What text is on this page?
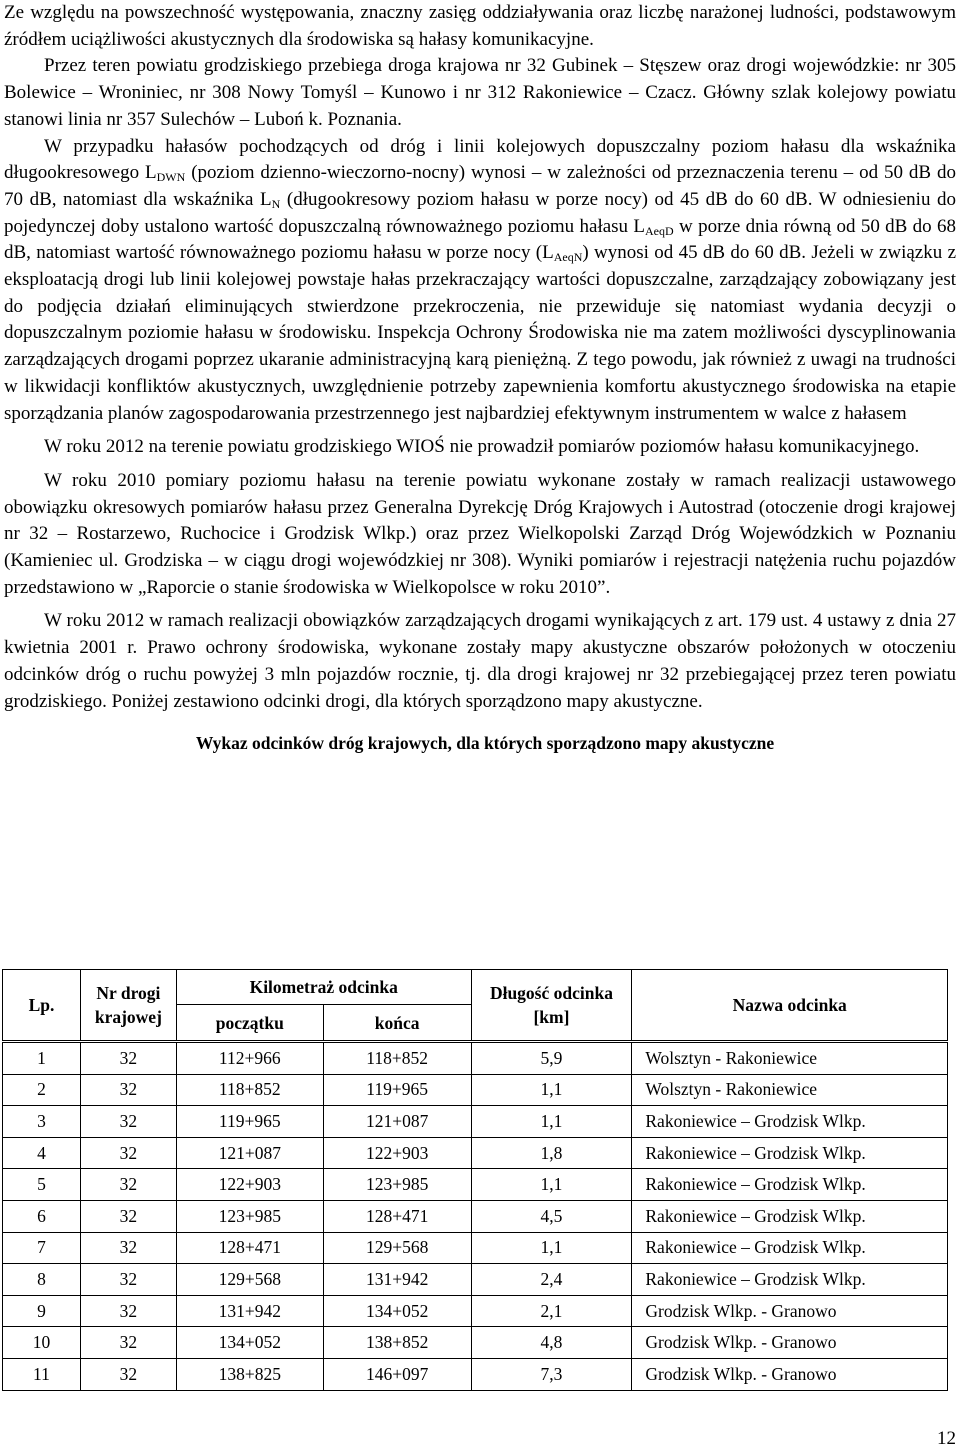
Ze względu na powszechność występowania, znaczny zasięg oddziaływania oraz liczbę narażonej ludności, podstawowym źródłem uciążliwości akustycznych dla środowiska są hałasy komunikacyjne.

Przez teren powiatu grodziskiego przebiega droga krajowa nr 32 Gubinek – Stęszew oraz drogi wojewódzkie: nr 305 Bolewice – Wroniniec, nr 308 Nowy Tomyśl – Kunowo i nr 312 Rakoniewice – Czacz. Główny szlak kolejowy powiatu stanowi linia nr 357 Sulechów – Luboń k. Poznania.

W przypadku hałasów pochodzących od dróg i linii kolejowych dopuszczalny poziom hałasu dla wskaźnika długookresowego $L_{DWN}$ (poziom dzienno-wieczorno-nocny) wynosi – w zależności od przeznaczenia terenu – od 50 dB do 70 dB, natomiast dla wskaźnika $L_N$ (długookresowy poziom hałasu w porze nocy) od 45 dB do 60 dB. W odniesieniu do pojedynczej doby ustalono wartość dopuszczalną równoważnego poziomu hałasu $L_{AeqD}$ w porze dnia równą od 50 dB do 68 dB, natomiast wartość równoważnego poziomu hałasu w porze nocy $(L_{AeqN})$ wynosi od 45 dB do 60 dB. Jeżeli w związku z eksploatacją drogi lub linii kolejowej powstaje hałas przekraczający wartości dopuszczalne, zarządzający zobowiązany jest do podjęcia działań eliminujących stwierdzone przekroczenia, nie przewiduje się natomiast wydania decyzji o dopuszczalnym poziomie hałasu w środowisku. Inspekcja Ochrony Środowiska nie ma zatem możliwości dyscyplinowania zarządzających drogami poprzez ukaranie administracyjną karą pieniężną. Z tego powodu, jak również z uwagi na trudności w likwidacji konfliktów akustycznych, uwzględnienie potrzeby zapewnienia komfortu akustycznego środowiska na etapie sporządzania planów zagospodarowania przestrzennego jest najbardziej efektywnym instrumentem w walce z hałasem

W roku 2012 na terenie powiatu grodziskiego WIOŚ nie prowadził pomiarów poziomów hałasu komunikacyjnego.

W roku 2010 pomiary poziomu hałasu na terenie powiatu wykonane zostały w ramach realizacji ustawowego obowiązku okresowych pomiarów hałasu przez Generalna Dyrekcję Dróg Krajowych i Autostrad (otoczenie drogi krajowej nr 32 – Rostarzewo, Ruchocice i Grodzisk Wlkp.) oraz przez Wielkopolski Zarząd Dróg Wojewódzkich w Poznaniu (Kamieniec ul. Grodziska – w ciągu drogi wojewódzkiej nr 308). Wyniki pomiarów i rejestracji natężenia ruchu pojazdów przedstawiono w „Raporcie o stanie środowiska w Wielkopolsce w roku 2010”.

W roku 2012 w ramach realizacji obowiązków zarządzających drogami wynikających z art. 179 ust. 4 ustawy z dnia 27 kwietnia 2001 r. Prawo ochrony środowiska, wykonane zostały mapy akustyczne obszarów położonych w otoczeniu odcinków dróg o ruchu powyżej 3 mln pojazdów rocznie, tj. dla drogi krajowej nr 32 przebiegającej przez teren powiatu grodziskiego. Poniżej zestawiono odcinki drogi, dla których sporządzono mapy akustyczne.

Wykaz odcinków dróg krajowych, dla których sporządzono mapy akustyczne

Lp.	Nr drogi krajowej	Kilometraż odcinka		Długość odcinka [km]	Nazwa odcinka
		początku	końca		
1	32	112+966	118+852	5,9	Wolsztyn - Rakoniewice
2	32	118+852	119+965	1,1	Wolsztyn - Rakoniewice
3	32	119+965	121+087	1,1	Rakoniewice – Grodzisk Wlkp.
4	32	121+087	122+903	1,8	Rakoniewice – Grodzisk Wlkp.
5	32	122+903	123+985	1,1	Rakoniewice – Grodzisk Wlkp.
6	32	123+985	128+471	4,5	Rakoniewice – Grodzisk Wlkp.
7	32	128+471	129+568	1,1	Rakoniewice – Grodzisk Wlkp.
8	32	129+568	131+942	2,4	Rakoniewice – Grodzisk Wlkp.
9	32	131+942	134+052	2,1	Grodzisk Wlkp. - Granowo
10	32	134+052	138+852	4,8	Grodzisk Wlkp. - Granowo
11	32	138+825	146+097	7,3	Grodzisk Wlkp. - Granowo
12
